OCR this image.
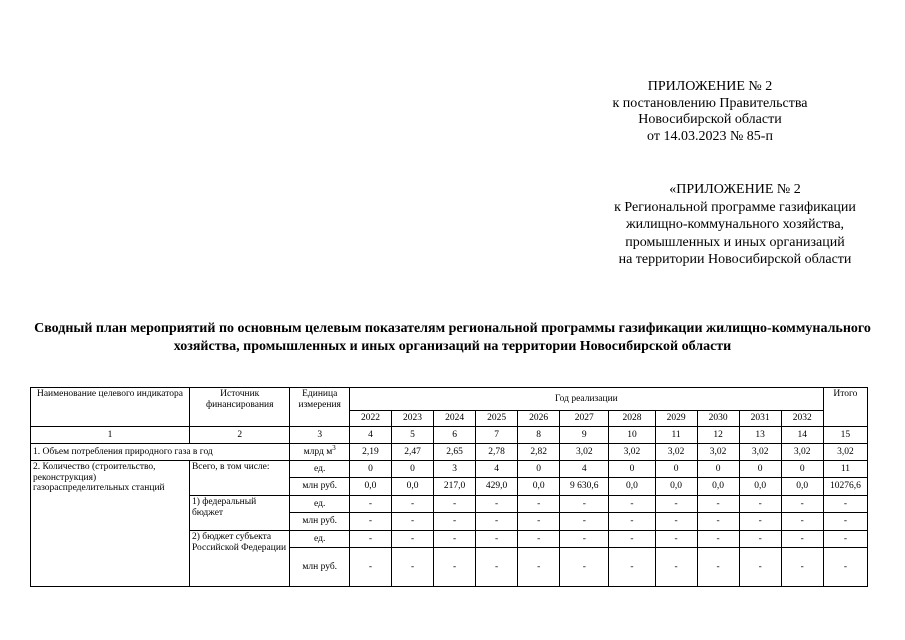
ПРИЛОЖЕНИЕ № 2
к постановлению Правительства
Новосибирской области
от 14.03.2023 № 85-п
«ПРИЛОЖЕНИЕ № 2
к Региональной программе газификации
жилищно-коммунального хозяйства,
промышленных и иных организаций
на территории Новосибирской области
Сводный план мероприятий по основным целевым показателям региональной программы газификации жилищно-коммунального хозяйства, промышленных и иных организаций на территории Новосибирской области
Наименование целевого индикатора	Источник финансирования	Единица измерения	Год реализации											Итого
			2022	2023	2024	2025	2026	2027	2028	2029	2030	2031	2032	
1	2	3	4	5	6	7	8	9	10	11	12	13	14	15
1. Объем потребления природного газа в год		млрд $м^3$	2,19	2,47	2,65	2,78	2,82	3,02	3,02	3,02	3,02	3,02	3,02	3,02
2. Количество (строительство, реконструкция) газораспределительных станций	Всего, в том числе:	ед.	0	0	3	4	0	4	0	0	0	0	0	11
		млн руб.	0,0	0,0	217,0	429,0	0,0	9 630,6	0,0	0,0	0,0	0,0	0,0	10276,6
	1) федеральный бюджет	ед.	-	-	-	-	-	-	-	-	-	-	-	-
		млн руб.	-	-	-	-	-	-	-	-	-	-	-	-
	2) бюджет субъекта Российской Федерации	ед.	-	-	-	-	-	-	-	-	-	-	-	-
		млн руб.	-	-	-	-	-	-	-	-	-	-	-	-
